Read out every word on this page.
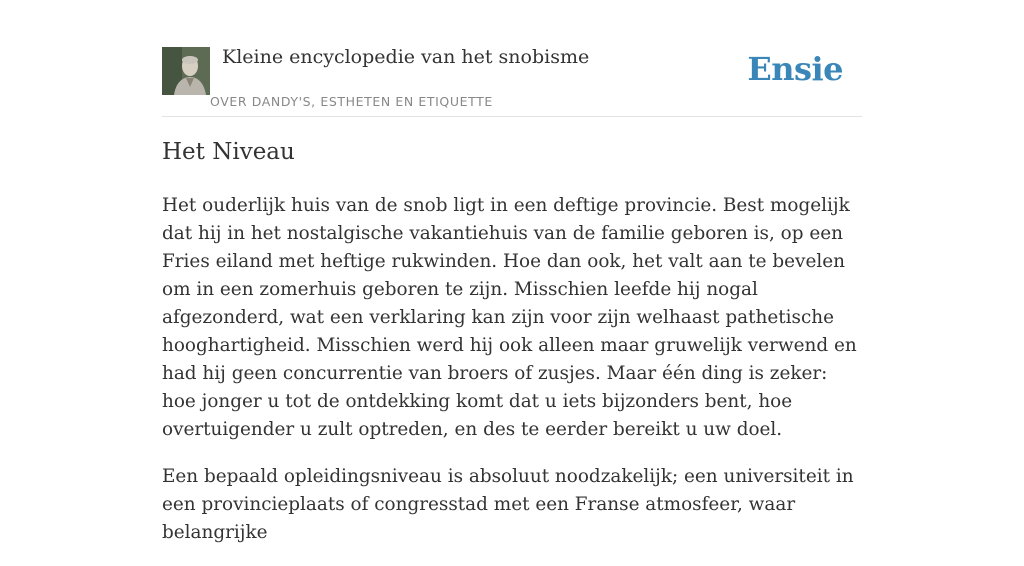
Kleine encyclopedie van het snobisme
OVER DANDY'S, ESTHETEN EN ETIQUETTE
Ensie
Het Niveau

Het ouderlijk huis van de snob ligt in een deftige provincie. Best mogelijk dat hij in het nostalgische vakantiehuis van de familie geboren is, op een Fries eiland met heftige rukwinden. Hoe dan ook, het valt aan te bevelen om in een zomerhuis geboren te zijn. Misschien leefde hij nogal afgezonderd, wat een verklaring kan zijn voor zijn welhaast pathetische hooghartigheid. Misschien werd hij ook alleen maar gruwelijk verwend en had hij geen concurrentie van broers of zusjes. Maar één ding is zeker: hoe jonger u tot de ontdekking komt dat u iets bijzonders bent, hoe overtuigender u zult optreden, en des te eerder bereikt u uw doel.

Een bepaald opleidingsniveau is absoluut noodzakelijk; een universiteit in een provincieplaats of congresstad met een Franse atmosfeer, waar belangrijke
